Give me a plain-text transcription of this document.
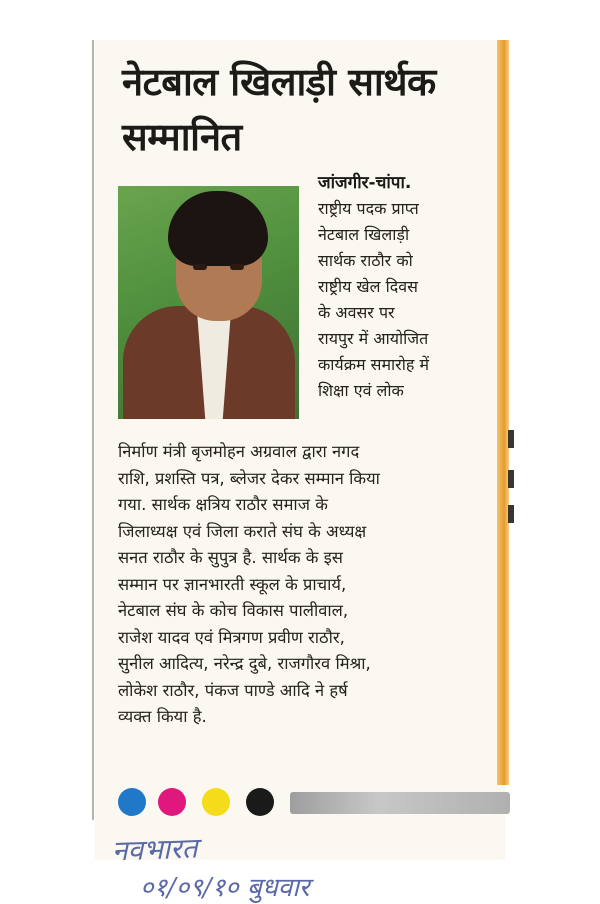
नेटबाल खिलाड़ी सार्थक
सम्मानित
जांजगीर-चांपा.
राष्ट्रीय पदक प्राप्त
नेटबाल खिलाड़ी
सार्थक राठौर को
राष्ट्रीय खेल दिवस
के अवसर पर
रायपुर में आयोजित
कार्यक्रम समारोह में
शिक्षा एवं लोक
निर्माण मंत्री बृजमोहन अग्रवाल द्वारा नगद
राशि, प्रशस्ति पत्र, ब्लेजर देकर सम्मान किया
गया. सार्थक क्षत्रिय राठौर समाज के
जिलाध्यक्ष एवं जिला कराते संघ के अध्यक्ष
सनत राठौर के सुपुत्र है. सार्थक के इस
सम्मान पर ज्ञानभारती स्कूल के प्राचार्य,
नेटबाल संघ के कोच विकास पालीवाल,
राजेश यादव एवं मित्रगण प्रवीण राठौर,
सुनील आदित्य, नरेन्द्र दुबे, राजगौरव मिश्रा,
लोकेश राठौर, पंकज पाण्डे आदि ने हर्ष
व्यक्त किया है.
नवभारत
०१/०९/१० बुधवार
